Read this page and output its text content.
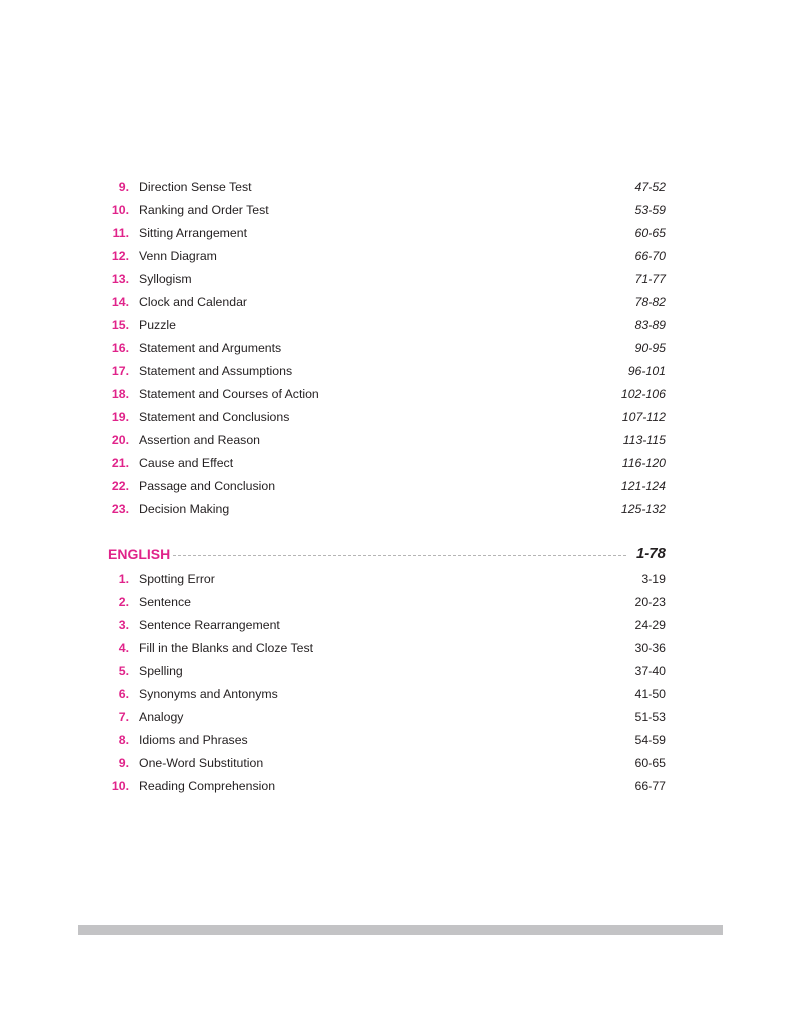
9. Direction Sense Test	47-52
10. Ranking and Order Test	53-59
11. Sitting Arrangement	60-65
12. Venn Diagram	66-70
13. Syllogism	71-77
14. Clock and Calendar	78-82
15. Puzzle	83-89
16. Statement and Arguments	90-95
17. Statement and Assumptions	96-101
18. Statement and Courses of Action	102-106
19. Statement and Conclusions	107-112
20. Assertion and Reason	113-115
21. Cause and Effect	116-120
22. Passage and Conclusion	121-124
23. Decision Making	125-132
ENGLISH	1-78
1. Spotting Error	3-19
2. Sentence	20-23
3. Sentence Rearrangement	24-29
4. Fill in the Blanks and Cloze Test	30-36
5. Spelling	37-40
6. Synonyms and Antonyms	41-50
7. Analogy	51-53
8. Idioms and Phrases	54-59
9. One-Word Substitution	60-65
10. Reading Comprehension	66-77
